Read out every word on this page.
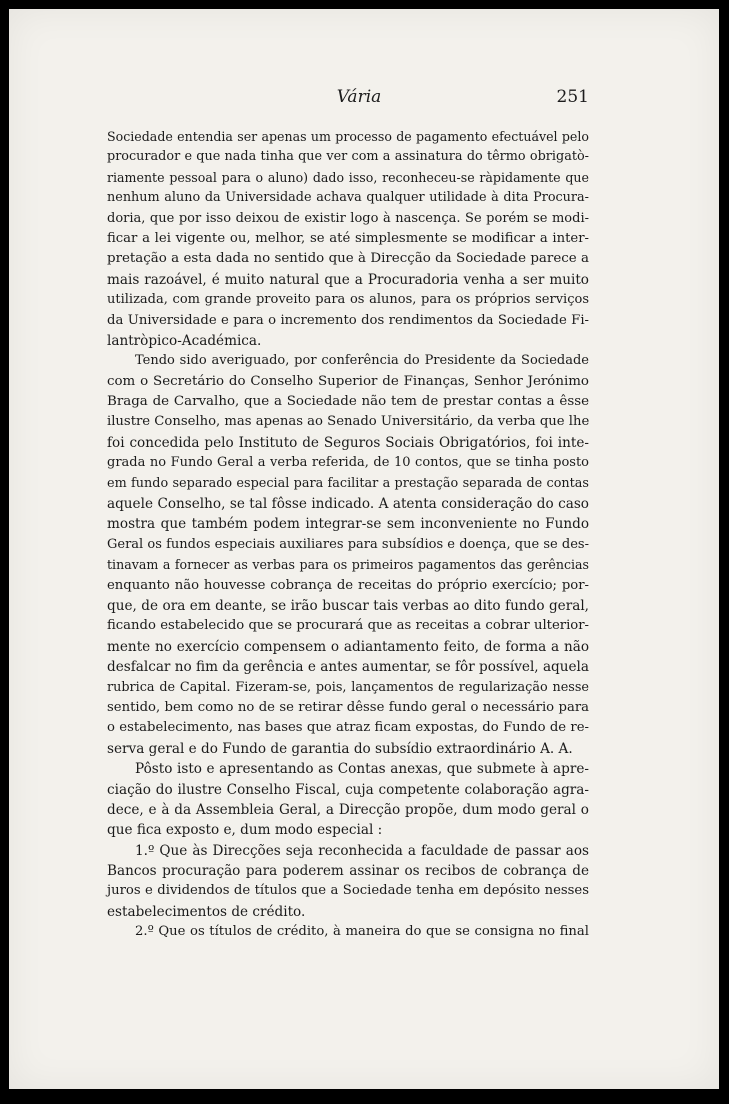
Vária	251
Sociedade entendia ser apenas um processo de pagamento efectuável pelo
procurador e que nada tinha que ver com a assinatura do têrmo obrigatò-
riamente pessoal para o aluno) dado isso, reconheceu-se ràpidamente que
nenhum aluno da Universidade achava qualquer utilidade à dita Procura-
doria, que por isso deixou de existir logo à nascença. Se porém se modi-
ficar a lei vigente ou, melhor, se até simplesmente se modificar a inter-
pretação a esta dada no sentido que à Direcção da Sociedade parece a
mais razoável, é muito natural que a Procuradoria venha a ser muito
utilizada, com grande proveito para os alunos, para os próprios serviços
da Universidade e para o incremento dos rendimentos da Sociedade Fi-
lantròpico-Académica.
Tendo sido averiguado, por conferência do Presidente da Sociedade
com o Secretário do Conselho Superior de Finanças, Senhor Jerónimo
Braga de Carvalho, que a Sociedade não tem de prestar contas a êsse
ilustre Conselho, mas apenas ao Senado Universitário, da verba que lhe
foi concedida pelo Instituto de Seguros Sociais Obrigatórios, foi inte-
grada no Fundo Geral a verba referida, de 10 contos, que se tinha posto
em fundo separado especial para facilitar a prestação separada de contas
aquele Conselho, se tal fôsse indicado. A atenta consideração do caso
mostra que também podem integrar-se sem inconveniente no Fundo
Geral os fundos especiais auxiliares para subsídios e doença, que se des-
tinavam a fornecer as verbas para os primeiros pagamentos das gerências
enquanto não houvesse cobrança de receitas do próprio exercício; por-
que, de ora em deante, se irão buscar tais verbas ao dito fundo geral,
ficando estabelecido que se procurará que as receitas a cobrar ulterior-
mente no exercício compensem o adiantamento feito, de forma a não
desfalcar no fim da gerência e antes aumentar, se fôr possível, aquela
rubrica de Capital. Fizeram-se, pois, lançamentos de regularização nesse
sentido, bem como no de se retirar dêsse fundo geral o necessário para
o estabelecimento, nas bases que atraz ficam expostas, do Fundo de re-
serva geral e do Fundo de garantia do subsídio extraordinário A. A.
Pôsto isto e apresentando as Contas anexas, que submete à apre-
ciação do ilustre Conselho Fiscal, cuja competente colaboração agra-
dece, e à da Assembleia Geral, a Direcção propõe, dum modo geral o
que fica exposto e, dum modo especial :
1.º Que às Direcções seja reconhecida a faculdade de passar aos
Bancos procuração para poderem assinar os recibos de cobrança de
juros e dividendos de títulos que a Sociedade tenha em depósito nesses
estabelecimentos de crédito.
2.º Que os títulos de crédito, à maneira do que se consigna no final
